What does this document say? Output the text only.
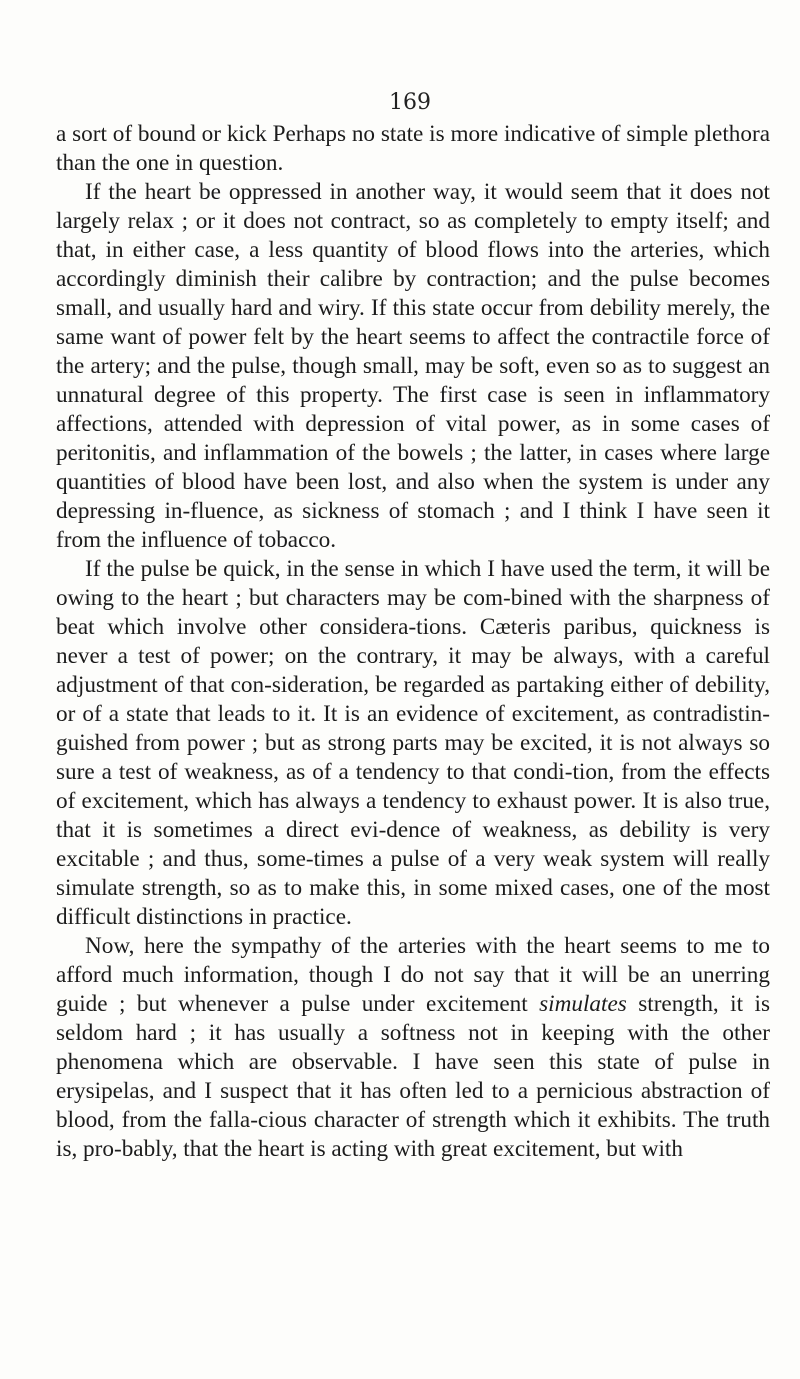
169

a sort of bound or kick Perhaps no state is more indicative of simple plethora than the one in question.

If the heart be oppressed in another way, it would seem that it does not largely relax ; or it does not contract, so as completely to empty itself; and that, in either case, a less quantity of blood flows into the arteries, which accordingly diminish their calibre by contraction; and the pulse becomes small, and usually hard and wiry. If this state occur from debility merely, the same want of power felt by the heart seems to affect the contractile force of the artery; and the pulse, though small, may be soft, even so as to suggest an unnatural degree of this property. The first case is seen in inflammatory affections, attended with depression of vital power, as in some cases of peritonitis, and inflammation of the bowels ; the latter, in cases where large quantities of blood have been lost, and also when the system is under any depressing in-fluence, as sickness of stomach ; and I think I have seen it from the influence of tobacco.

If the pulse be quick, in the sense in which I have used the term, it will be owing to the heart ; but characters may be com-bined with the sharpness of beat which involve other considera-tions. Cæteris paribus, quickness is never a test of power; on the contrary, it may be always, with a careful adjustment of that con-sideration, be regarded as partaking either of debility, or of a state that leads to it. It is an evidence of excitement, as contradistin-guished from power ; but as strong parts may be excited, it is not always so sure a test of weakness, as of a tendency to that condi-tion, from the effects of excitement, which has always a tendency to exhaust power. It is also true, that it is sometimes a direct evi-dence of weakness, as debility is very excitable ; and thus, some-times a pulse of a very weak system will really simulate strength, so as to make this, in some mixed cases, one of the most difficult distinctions in practice.

Now, here the sympathy of the arteries with the heart seems to me to afford much information, though I do not say that it will be an unerring guide ; but whenever a pulse under excitement simulates strength, it is seldom hard ; it has usually a softness not in keeping with the other phenomena which are observable. I have seen this state of pulse in erysipelas, and I suspect that it has often led to a pernicious abstraction of blood, from the falla-cious character of strength which it exhibits. The truth is, pro-bably, that the heart is acting with great excitement, but with
